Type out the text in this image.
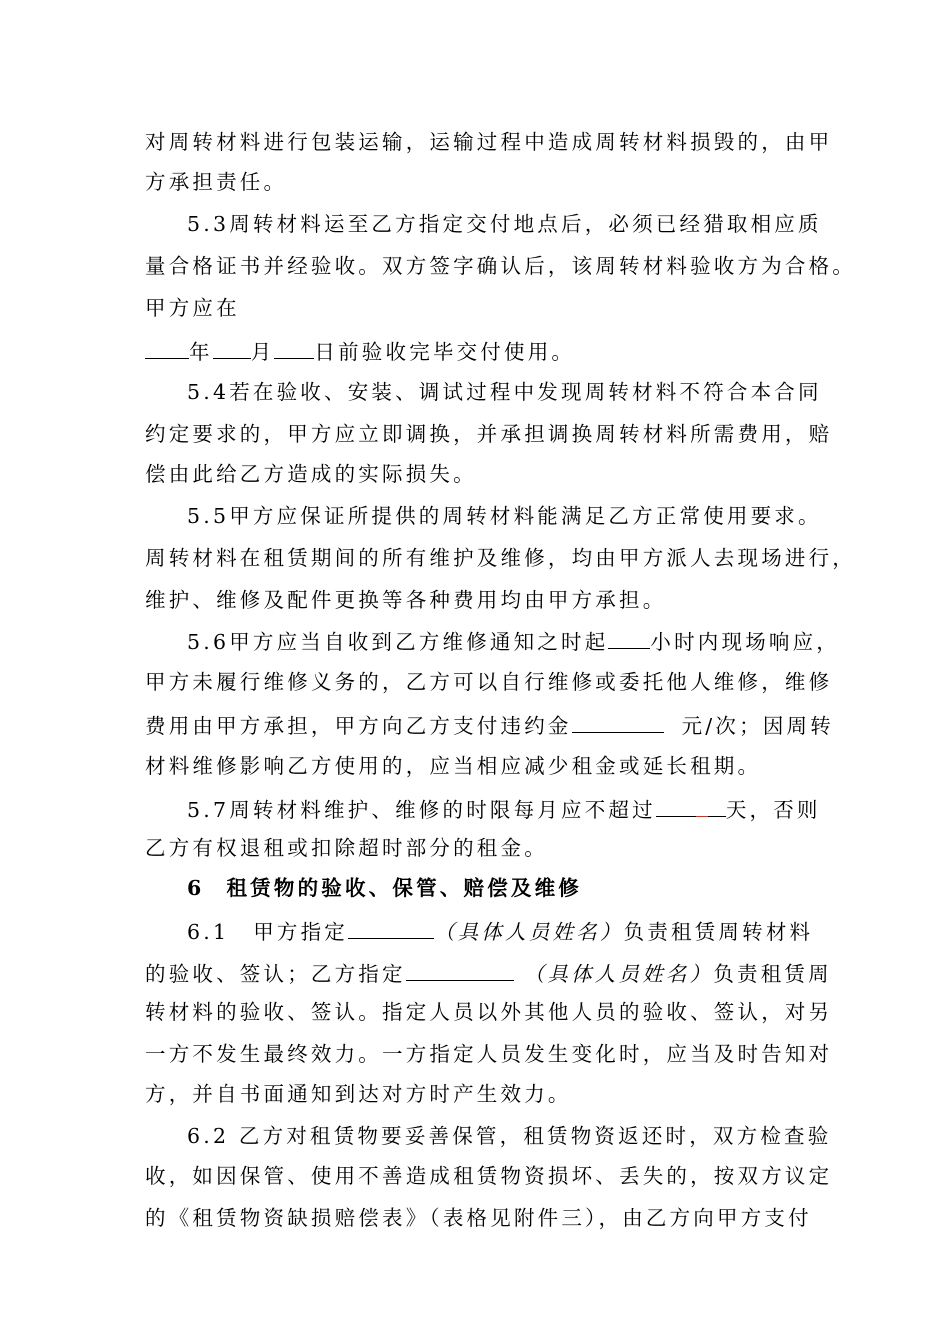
对周转材料进行包装运输，运输过程中造成周转材料损毁的，由甲
方承担责任。
5.3周转材料运至乙方指定交付地点后，必须已经猎取相应质
量合格证书并经验收。双方签字确认后，该周转材料验收方为合格。
甲方应在
年 月 日前验收完毕交付使用。
5.4若在验收、安装、调试过程中发现周转材料不符合本合同
约定要求的，甲方应立即调换，并承担调换周转材料所需费用，赔
偿由此给乙方造成的实际损失。
5.5甲方应保证所提供的周转材料能满足乙方正常使用要求。
周转材料在租赁期间的所有维护及维修，均由甲方派人去现场进行，
维护、维修及配件更换等各种费用均由甲方承担。
5.6甲方应当自收到乙方维修通知之时起 小时内现场响应，
甲方未履行维修义务的，乙方可以自行维修或委托他人维修，维修
费用由甲方承担，甲方向乙方支付违约金	元/次；因周转
材料维修影响乙方使用的，应当相应减少租金或延长租期。
5.7周转材料维护、维修的时限每月应不超过	天，否则
乙方有权退租或扣除超时部分的租金。
6 租赁物的验收、保管、赔偿及维修
6.1 甲方指定	（具体人员姓名）负责租赁周转材料
的验收、签认；乙方指定	（具体人员姓名）负责租赁周
转材料的验收、签认。指定人员以外其他人员的验收、签认，对另
一方不发生最终效力。一方指定人员发生变化时，应当及时告知对
方，并自书面通知到达对方时产生效力。
6.2 乙方对租赁物要妥善保管，租赁物资返还时，双方检查验
收，如因保管、使用不善造成租赁物资损坏、丢失的，按双方议定
的《租赁物资缺损赔偿表》（表格见附件三），由乙方向甲方支付
